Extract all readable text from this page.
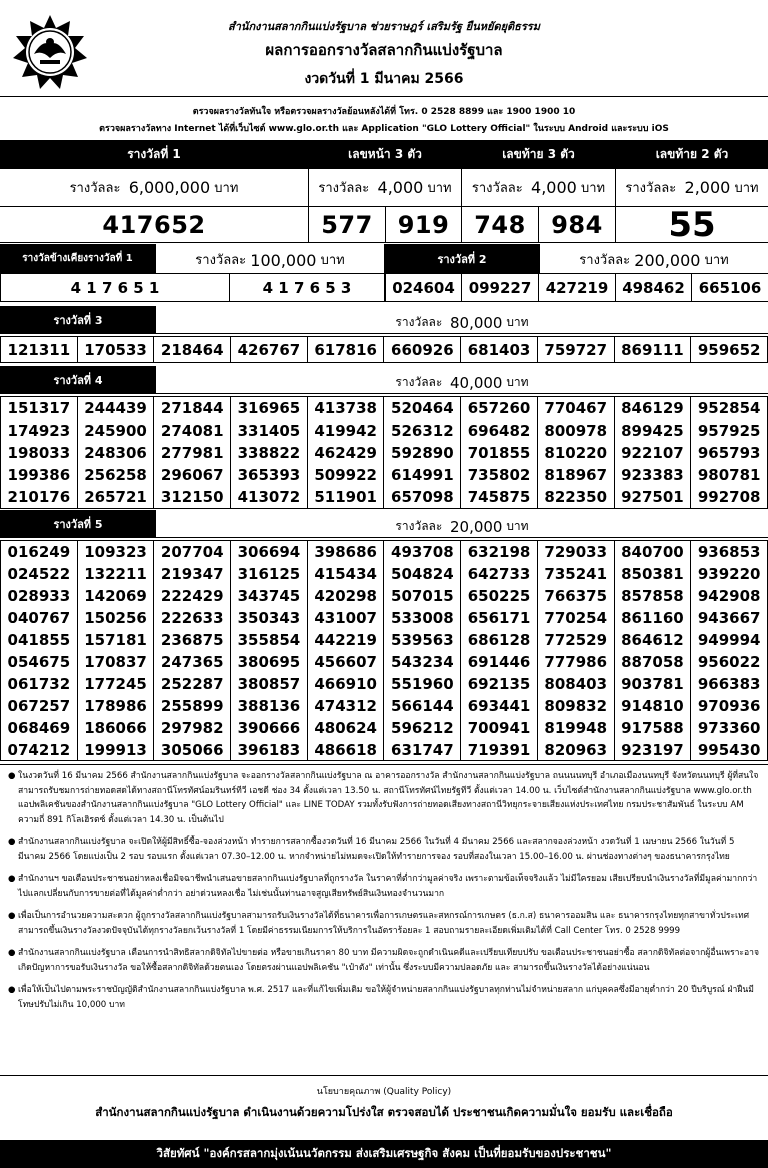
สำนักงานสลากกินแบ่งรัฐบาล ช่วยราษฎร์ เสริมรัฐ ยืนหยัดยุติธรรม
ผลการออกรางวัลสลากกินแบ่งรัฐบาล
งวดวันที่ 1 มีนาคม 2566
ตรวจผลรางวัลทันใจ หรือตรวจผลรางวัลย้อนหลังได้ที่ โทร. 0 2528 8899 และ 1900 1900 10
ตรวจผลรางวัลทาง Internet ได้ที่เว็บไซต์ www.glo.or.th และ Application "GLO Lottery Official" ในระบบ Android และระบบ iOS
รางวัลที่ 1	เลขหน้า 3 ตัว	เลขท้าย 3 ตัว	เลขท้าย 2 ตัว
รางวัลละ
6,000,000
บาท	รางวัลละ
4,000
บาท รางวัลละ
4,000
บาท รางวัลละ
2,000
บาท
417652	577	919	748	984	55
รางวัลข้างเคียงรางวัลที่ 1	รางวัลละ
100,000
บาท	รางวัลที่ 2	รางวัลละ
200,000
บาท
4 1 7 6 5 1	4 1 7 6 5 3	024604 099227 427219 498462 665106
รางวัลที่ 3	รางวัลละ
80,000
บาท
121311 170533 218464 426767 617816 660926 681403 759727 869111 959652
รางวัลที่ 4	รางวัลละ
40,000
บาท
151317 244439 271844 316965 413738 520464 657260 770467 846129 952854
174923 245900 274081 331405 419942 526312 696482 800978 899425 957925
198033 248306 277981 338822 462429 592890 701855 810220 922107 965793
199386 256258 296067 365393 509922 614991 735802 818967 923383 980781
210176 265721 312150 413072 511901 657098 745875 822350 927501 992708
รางวัลที่ 5	รางวัลละ
20,000
บาท
016249 109323 207704 306694 398686 493708 632198 729033 840700 936853
024522 132211 219347 316125 415434 504824 642733 735241 850381 939220
028933 142069 222429 343745 420298 507015 650225 766375 857858 942908
040767 150256 222633 350343 431007 533008 656171 770254 861160 943667
041855 157181 236875 355854 442219 539563 686128 772529 864612 949994
054675 170837 247365 380695 456607 543234 691446 777986 887058 956022
061732 177245 252287 380857 466910 551960 692135 808403 903781 966383
067257 178986 255899 388136 474312 566144 693441 809832 914810 970936
068469 186066 297982 390666 480624 596212 700941 819948 917588 973360
074212 199913 305066 396183 486618 631747 719391 820963 923197 995430
● ในงวดวันที่ 16 มีนาคม 2566 สำนักงานสลากกินแบ่งรัฐบาล จะออกรางวัลสลากกินแบ่งรัฐบาล ณ อาคารออกรางวัล สำนักงานสลากกินแบ่งรัฐบาล ถนนนนทบุรี อำเภอเมืองนนทบุรี จังหวัดนนทบุรี ผู้ที่สนใจสามารถรับชมการถ่ายทอดสดได้ทางสถานีโทรทัศน์อมรินทร์ทีวี เอชดี ช่อง 34 ตั้งแต่เวลา 13.50 น. สถานีโทรทัศน์ไทยรัฐทีวี ตั้งแต่เวลา 14.00 น. เว็บไซต์สำนักงานสลากกินแบ่งรัฐบาล www.glo.or.th แอปพลิเคชันของสำนักงานสลากกินแบ่งรัฐบาล "GLO Lottery Official" และ LINE TODAY รวมทั้งรับฟังการถ่ายทอดเสียงทางสถานีวิทยุกระจายเสียงแห่งประเทศไทย กรมประชาสัมพันธ์ ในระบบ AM ความถี่ 891 กิโลเฮิรตซ์ ตั้งแต่เวลา 14.30 น. เป็นต้นไป
● สำนักงานสลากกินแบ่งรัฐบาล จะเปิดให้ผู้มีสิทธิ์ซื้อ-จองล่วงหน้า ทำรายการสลากซื้องวดวันที่ 16 มีนาคม 2566 ในวันที่ 4 มีนาคม 2566 และสลากจองล่วงหน้า งวดวันที่ 1 เมษายน 2566 ในวันที่ 5 มีนาคม 2566 โดยแบ่งเป็น 2 รอบ รอบแรก ตั้งแต่เวลา 07.30–12.00 น. หากจำหน่ายไม่หมดจะเปิดให้ทำรายการจอง รอบที่สองในเวลา 15.00–16.00 น. ผ่านช่องทางต่างๆ ของธนาคารกรุงไทย
● สำนักงานฯ ขอเตือนประชาชนอย่าหลงเชื่อมิจฉาชีพนำเสนอขายสลากกินแบ่งรัฐบาลที่ถูกรางวัล ในราคาที่ต่ำกว่ามูลค่าจริง เพราะตามข้อเท็จจริงแล้ว ไม่มีใครยอม เสียเปรียบนำเงินรางวัลที่มีมูลค่ามากกว่า ไปแลกเปลี่ยนกับการขายต่อที่ได้มูลค่าต่ำกว่า อย่าด่วนหลงเชื่อ ไม่เช่นนั้นท่านอาจสูญเสียทรัพย์สินเงินทองจำนวนมาก
● เพื่อเป็นการอำนวยความสะดวก ผู้ถูกรางวัลสลากกินแบ่งรัฐบาลสามารถรับเงินรางวัลได้ที่ธนาคารเพื่อการเกษตรและสหกรณ์การเกษตร (ธ.ก.ส) ธนาคารออมสิน และ ธนาคารกรุงไทยทุกสาขาทั่วประเทศ สามารถขึ้นเงินรางวัลงวดปัจจุบันได้ทุกรางวัลยกเว้นรางวัลที่ 1 โดยมีค่าธรรมเนียมการให้บริการในอัตราร้อยละ 1 สอบถามรายละเอียดเพิ่มเติมได้ที่ Call Center โทร. 0 2528 9999
● สำนักงานสลากกินแบ่งรัฐบาล เตือนการนำสิทธิสลากดิจิทัลไปขายต่อ หรือขายเกินราคา 80 บาท มีความผิดจะถูกดำเนินคดีและเปรียบเทียบปรับ ขอเตือนประชาชนอย่าซื้อ สลากดิจิทัลต่อจากผู้อื่นเพราะอาจเกิดปัญหาการขอรับเงินรางวัล ขอให้ซื้อสลากดิจิทัลด้วยตนเอง โดยตรงผ่านแอปพลิเคชัน "เป๋าตัง" เท่านั้น ซึ่งระบบมีความปลอดภัย และ สามารถขึ้นเงินรางวัลได้อย่างแน่นอน
● เพื่อให้เป็นไปตามพระราชบัญญัติสำนักงานสลากกินแบ่งรัฐบาล พ.ศ. 2517 และที่แก้ไขเพิ่มเติม ขอให้ผู้จำหน่ายสลากกินแบ่งรัฐบาลทุกท่านไม่จำหน่ายสลาก แก่บุคคลซึ่งมีอายุต่ำกว่า 20 ปีบริบูรณ์ ฝ่าฝืนมีโทษปรับไม่เกิน 10,000 บาท
นโยบายคุณภาพ (Quality Policy)
สำนักงานสลากกินแบ่งรัฐบาล ดำเนินงานด้วยความโปร่งใส ตรวจสอบได้ ประชาชนเกิดความมั่นใจ ยอมรับ และเชื่อถือ
วิสัยทัศน์ "องค์กรสลากมุ่งเน้นนวัตกรรม ส่งเสริมเศรษฐกิจ สังคม เป็นที่ยอมรับของประชาชน"
